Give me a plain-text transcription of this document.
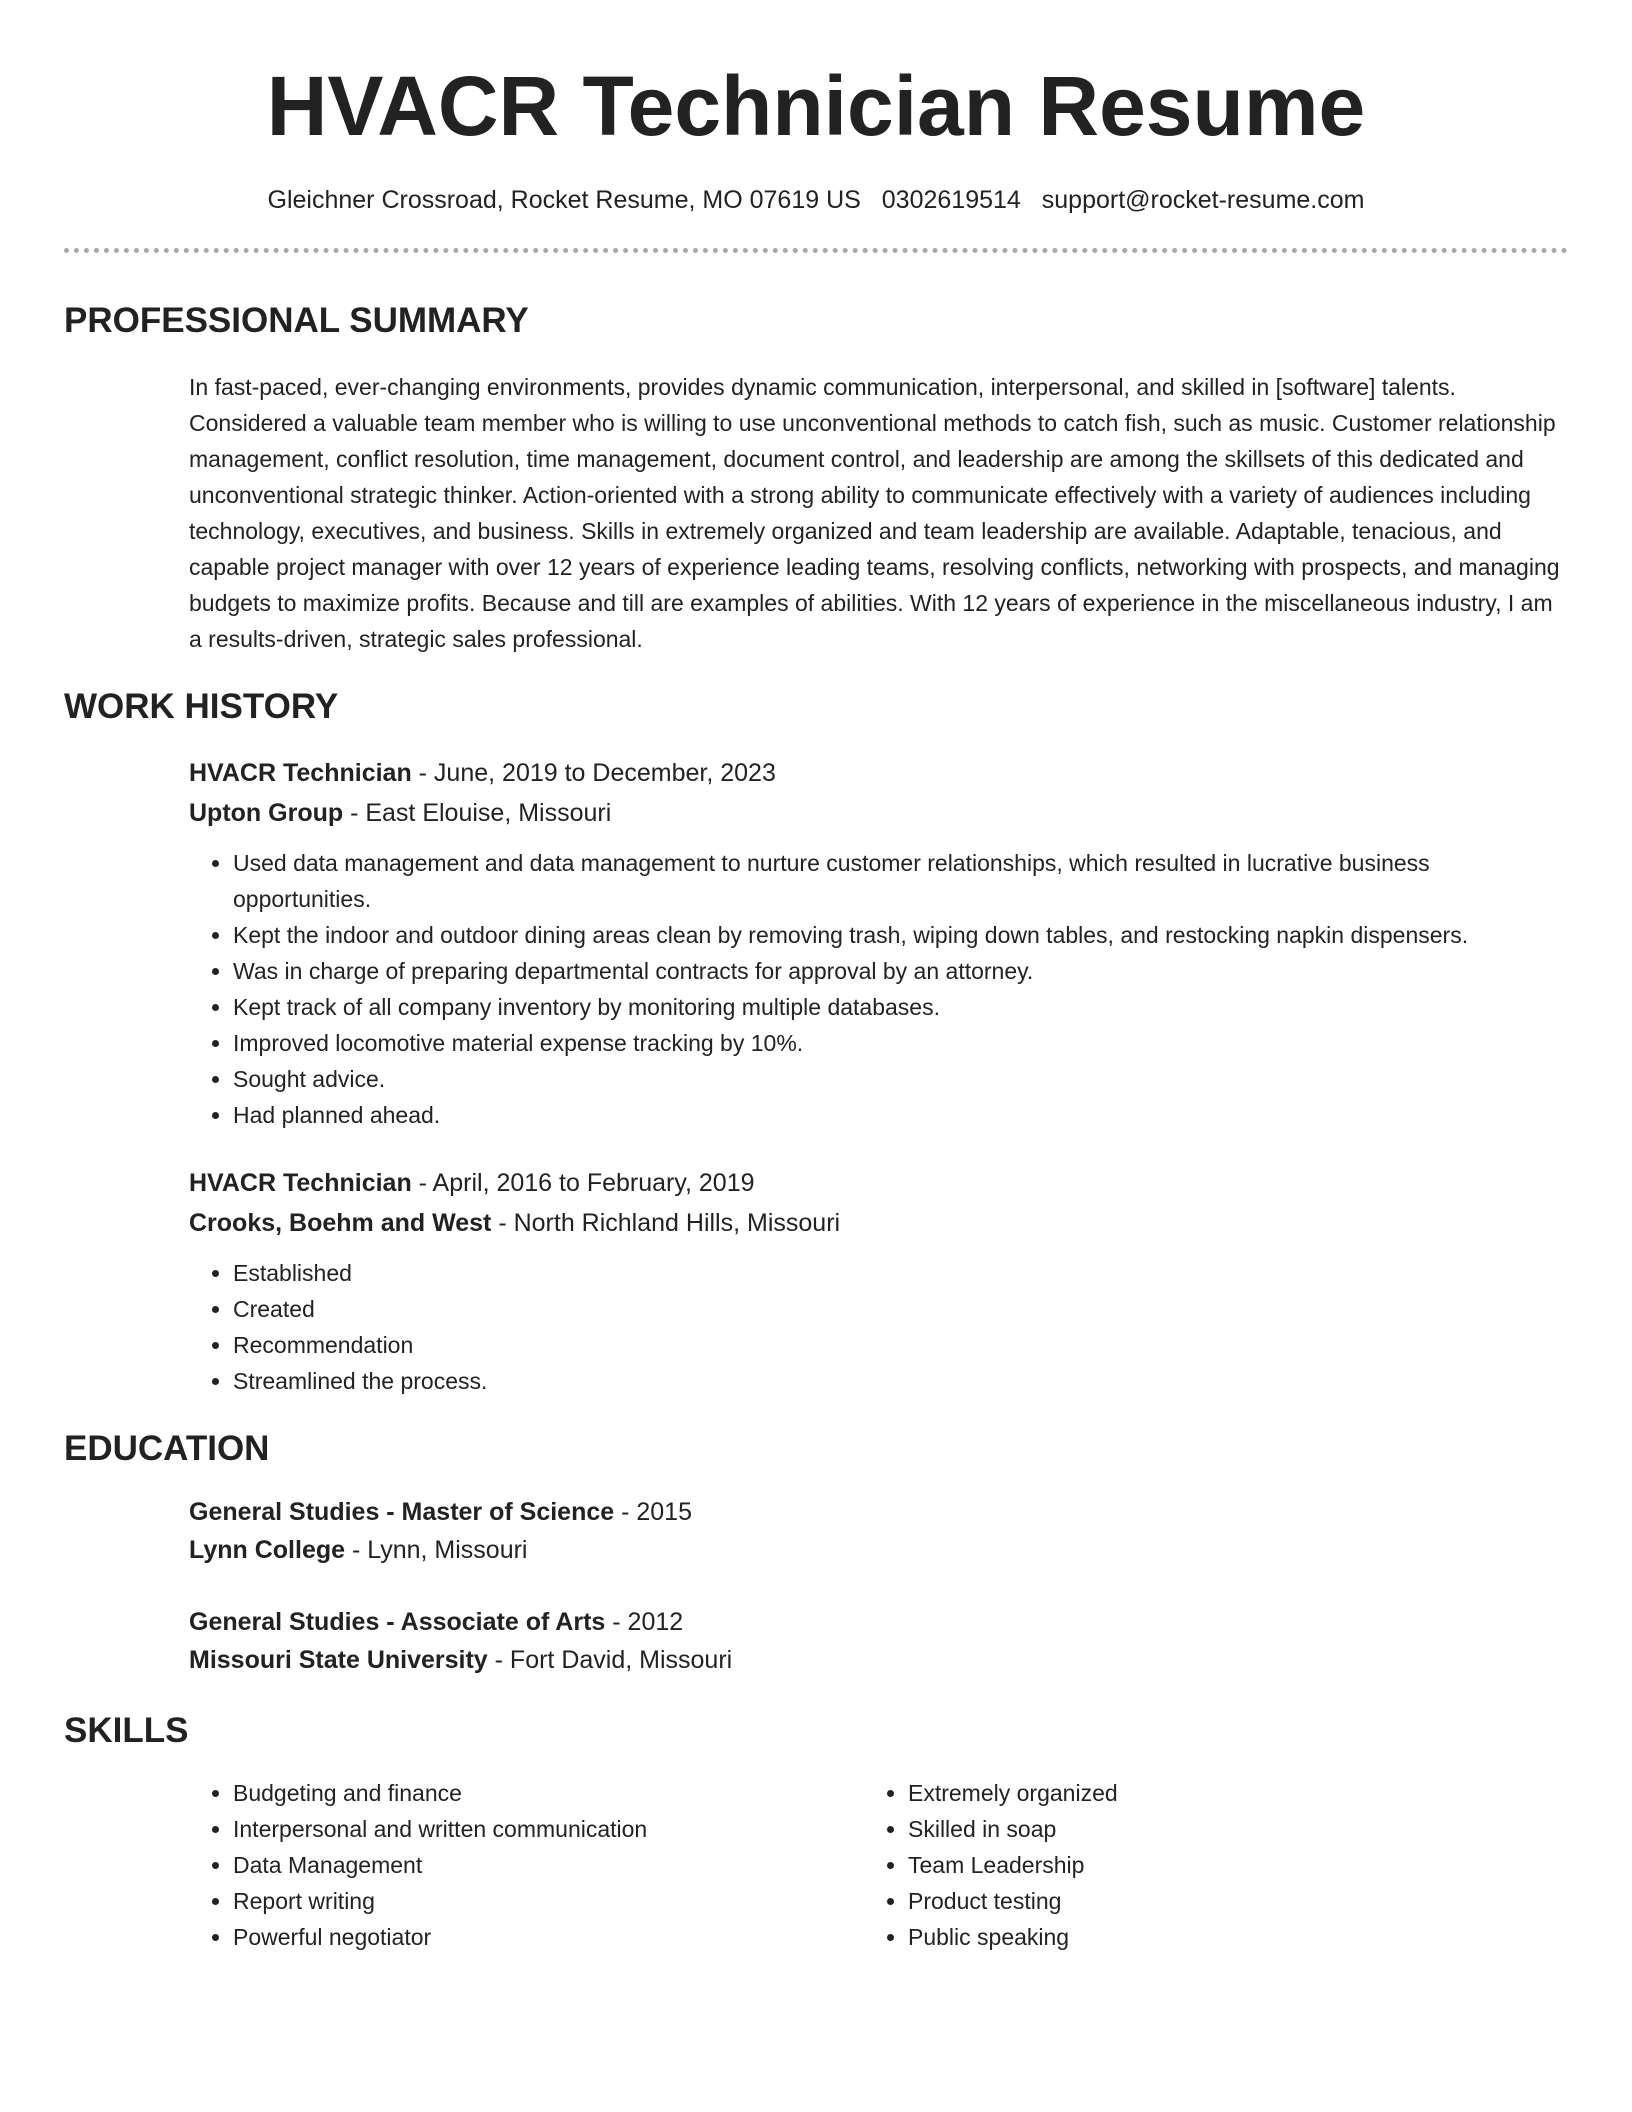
HVACR Technician Resume
Gleichner Crossroad, Rocket Resume, MO 07619 US 0302619514 support@rocket-resume.com
PROFESSIONAL SUMMARY

In fast-paced, ever-changing environments, provides dynamic communication, interpersonal, and skilled in [software] talents. Considered a valuable team member who is willing to use unconventional methods to catch fish, such as music. Customer relationship management, conflict resolution, time management, document control, and leadership are among the skillsets of this dedicated and unconventional strategic thinker. Action-oriented with a strong ability to communicate effectively with a variety of audiences including technology, executives, and business. Skills in extremely organized and team leadership are available. Adaptable, tenacious, and capable project manager with over 12 years of experience leading teams, resolving conflicts, networking with prospects, and managing budgets to maximize profits. Because and till are examples of abilities. With 12 years of experience in the miscellaneous industry, I am a results-driven, strategic sales professional.

WORK HISTORY
HVACR Technician - June, 2019 to December, 2023
Upton Group - East Elouise, Missouri
• Used data management and data management to nurture customer relationships, which resulted in lucrative business opportunities.
• Kept the indoor and outdoor dining areas clean by removing trash, wiping down tables, and restocking napkin dispensers.
• Was in charge of preparing departmental contracts for approval by an attorney.
• Kept track of all company inventory by monitoring multiple databases.
• Improved locomotive material expense tracking by 10%.
• Sought advice.
• Had planned ahead.
HVACR Technician - April, 2016 to February, 2019
Crooks, Boehm and West - North Richland Hills, Missouri
• Established
• Created
• Recommendation
• Streamlined the process.
EDUCATION
General Studies - Master of Science - 2015
Lynn College - Lynn, Missouri
General Studies - Associate of Arts - 2012
Missouri State University - Fort David, Missouri
SKILLS
• Budgeting and finance
• Interpersonal and written communication
• Data Management
• Report writing
• Powerful negotiator
• Extremely organized
• Skilled in soap
• Team Leadership
• Product testing
• Public speaking
